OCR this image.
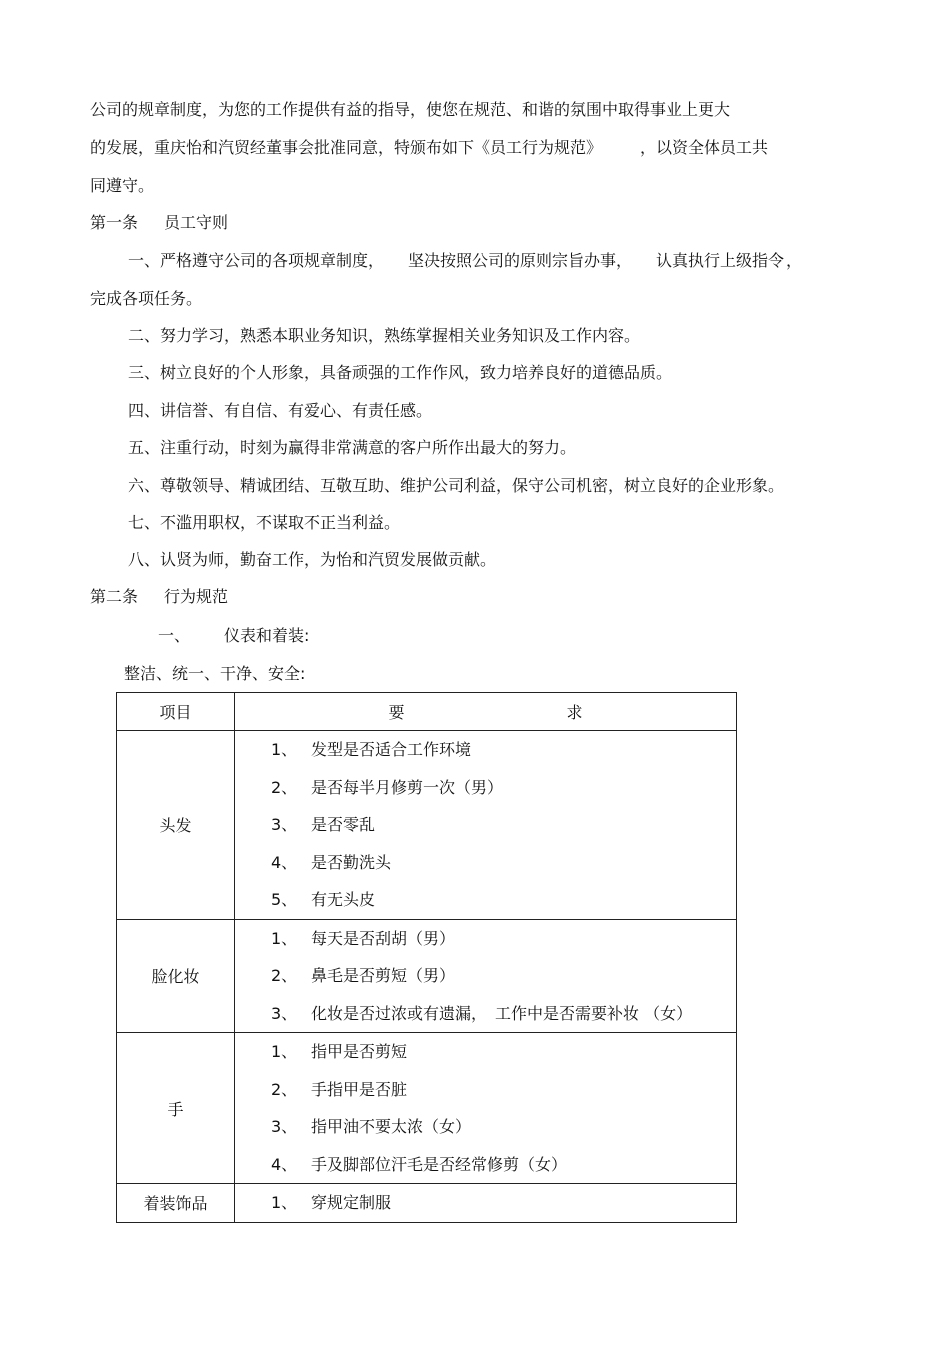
公司的规章制度，为您的工作提供有益的指导，使您在规范、和谐的氛围中取得事业上更大
的发展，重庆怡和汽贸经董事会批准同意，特颁布如下《员工行为规范》 ，以资全体员工共
同遵守。
第一条 员工守则
一、严格遵守公司的各项规章制度， 坚决按照公司的原则宗旨办事， 认真执行上级指令 ，
完成各项任务。
二、努力学习，熟悉本职业务知识，熟练掌握相关业务知识及工作内容。
三、树立良好的个人形象，具备顽强的工作作风，致力培养良好的道德品质。
四、讲信誉、有自信、有爱心、有责任感。
五、注重行动，时刻为赢得非常满意的客户所作出最大的努力。
六、尊敬领导、精诚团结、互敬互助、维护公司利益，保守公司机密，树立良好的企业形象。
七、不滥用职权，不谋取不正当利益。
八、认贤为师，勤奋工作，为怡和汽贸发展做贡献。
第二条 行为规范
一、 仪表和着装:
整洁、统一、干净、安全:
项目	要 求
头发	1、 发型是否适合工作环境
2、 是否每半月修剪一次（男）
3、 是否零乱
4、 是否勤洗头
5、 有无头皮

脸化妆	1、 每天是否刮胡（男）
2、 鼻毛是否剪短（男）
3、 化妆是否过浓或有遗漏，　工作中是否需要补妆 （女）

手	1、 指甲是否剪短
2、 手指甲是否脏
3、 指甲油不要太浓（女）
4、 手及脚部位汗毛是否经常修剪（女）

着装饰品	1、 穿规定制服
